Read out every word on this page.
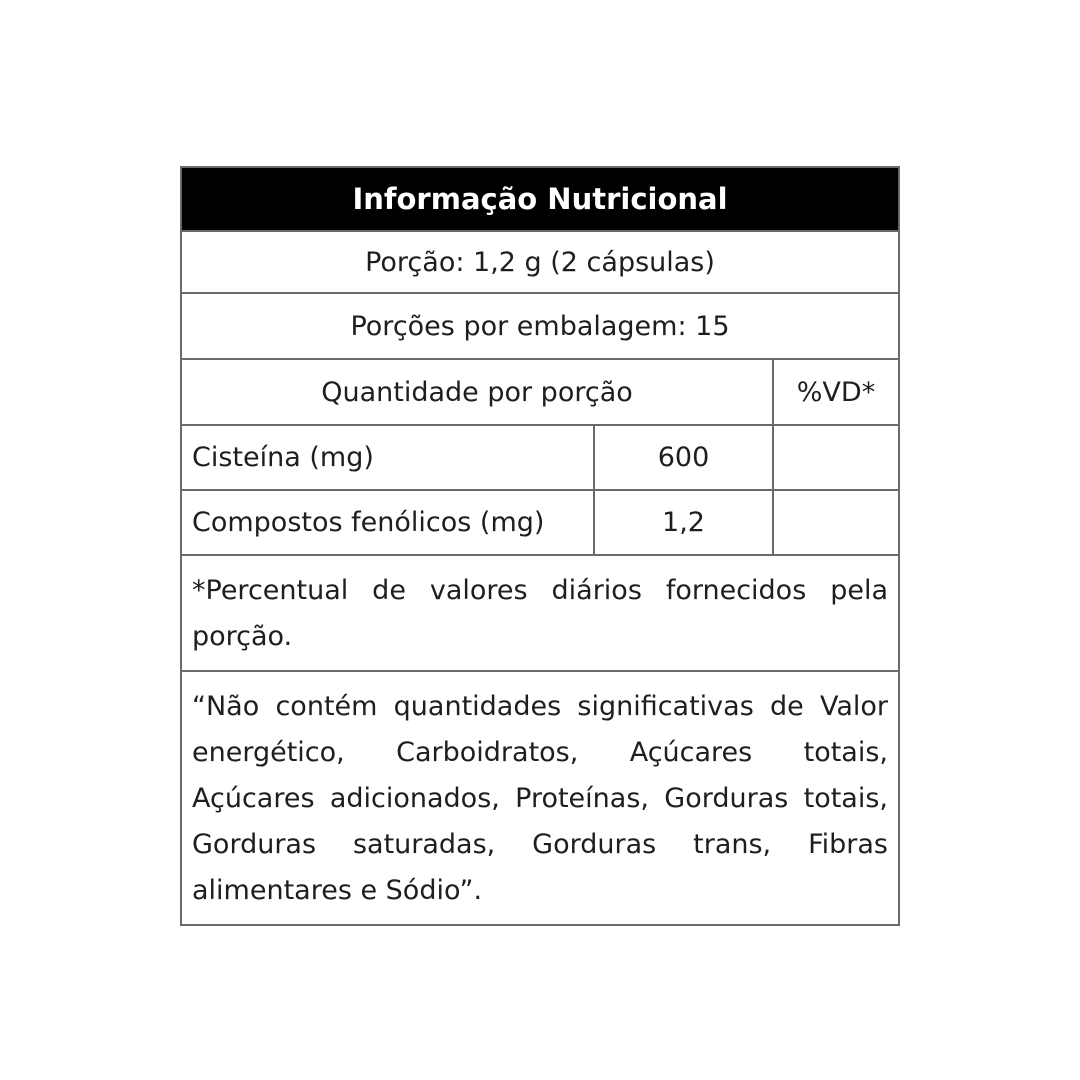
Informação Nutricional
Porção: 1,2 g (2 cápsulas)
Porções por embalagem: 15
Quantidade por porção	%VD*
Cisteína (mg)	600
Compostos fenólicos (mg)	1,2
*Percentual de valores diários fornecidos pela porção.
“Não contém quantidades significativas de Valor energético, Carboidratos, Açúcares totais, Açúcares adicionados, Proteínas, Gorduras totais, Gorduras saturadas, Gorduras trans, Fibras alimentares e Sódio”.
